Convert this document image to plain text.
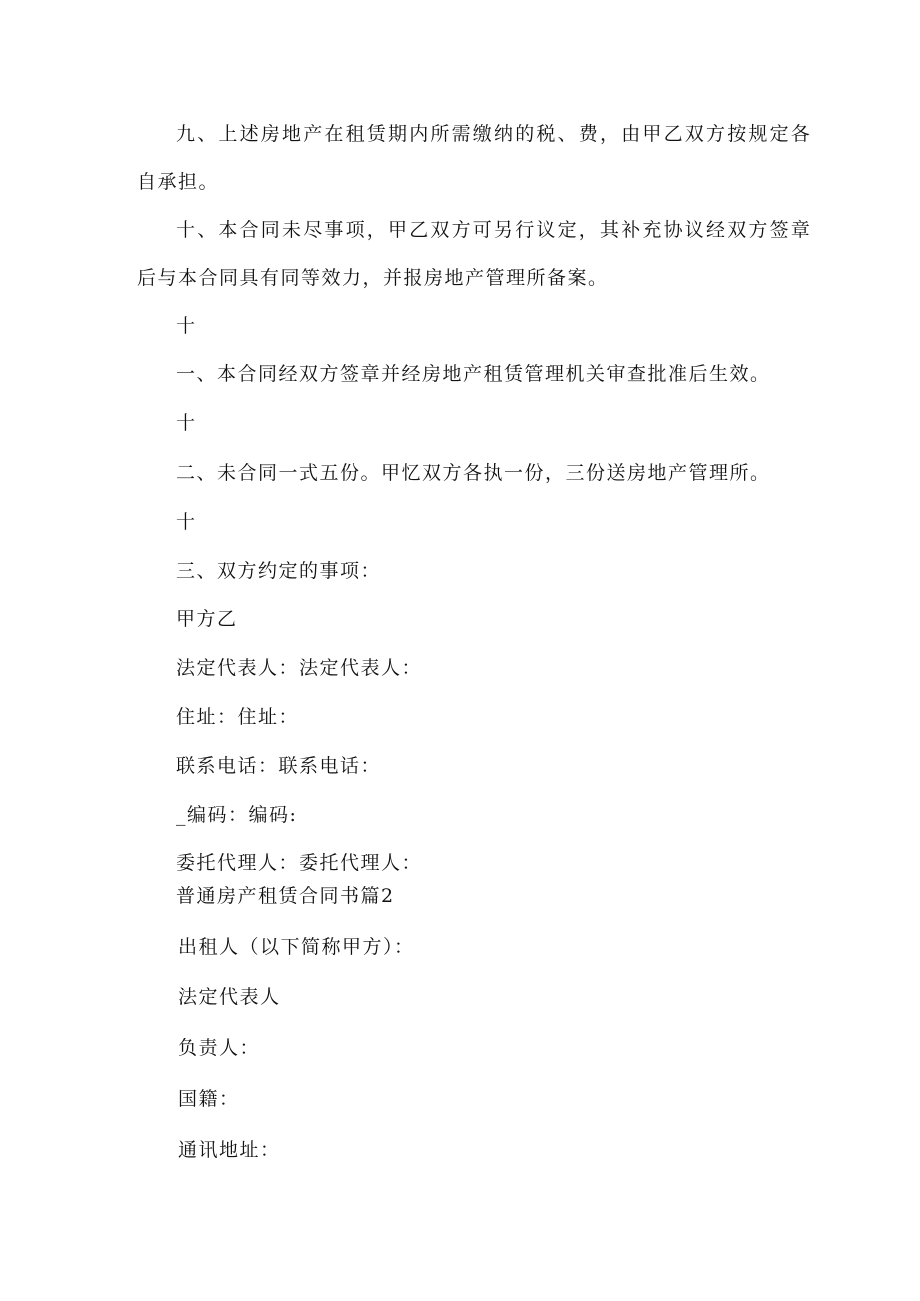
九、上述房地产在租赁期内所需缴纳的税、费，由甲乙双方按规定各
自承担。
十、本合同未尽事项，甲乙双方可另行议定，其补充协议经双方签章
后与本合同具有同等效力，并报房地产管理所备案。
十
一、本合同经双方签章并经房地产租赁管理机关审查批准后生效。
十
二、未合同一式五份。甲忆双方各执一份，三份送房地产管理所。
十
三、双方约定的事项：
甲方乙
法定代表人：法定代表人：
住址：住址：
联系电话：联系电话：
_编码：编码:
委托代理人：委托代理人：
普通房产租赁合同书篇2
出租人（以下简称甲方）：
法定代表人
负责人：
国籍：
通讯地址：
